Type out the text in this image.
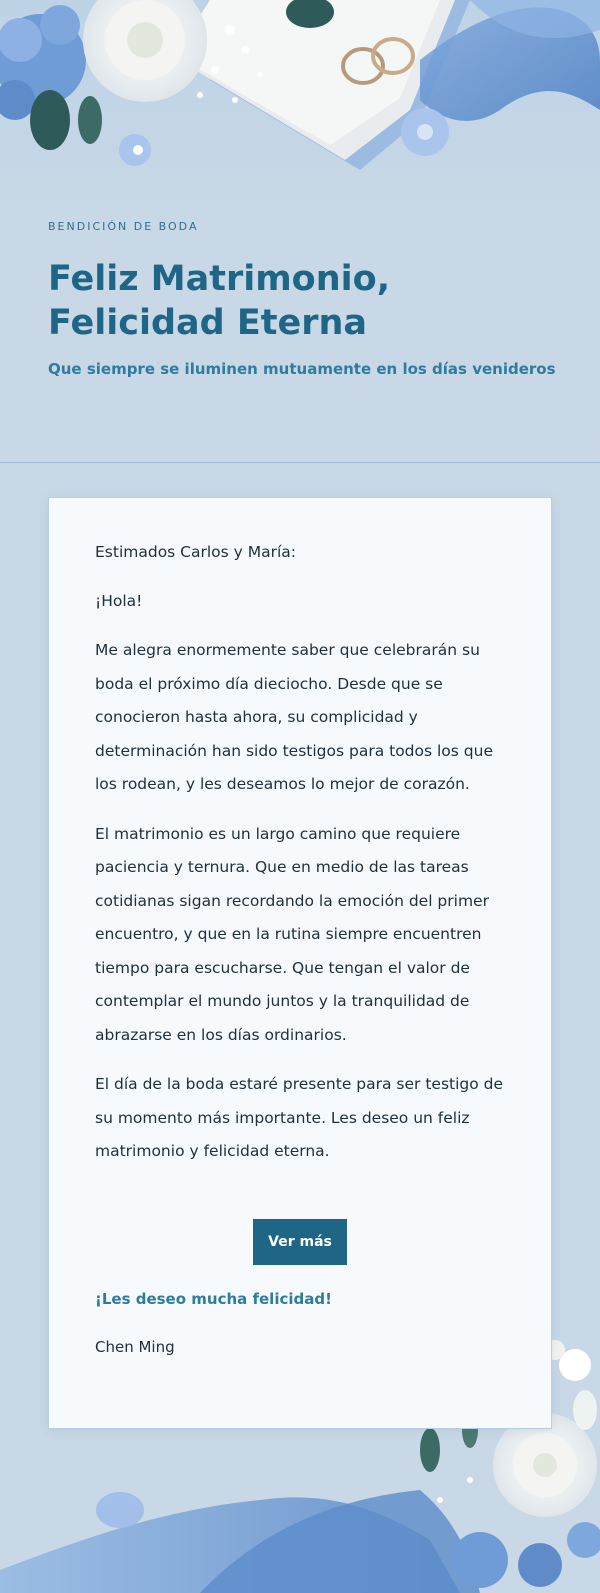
BENDICIÓN DE BODA
Feliz Matrimonio, Felicidad Eterna

Que siempre se iluminen mutuamente en los días venideros

Estimados Carlos y María:

¡Hola!

Me alegra enormemente saber que celebrarán su boda el próximo día dieciocho. Desde que se conocieron hasta ahora, su complicidad y determinación han sido testigos para todos los que los rodean, y les deseamos lo mejor de corazón.

El matrimonio es un largo camino que requiere paciencia y ternura. Que en medio de las tareas cotidianas sigan recordando la emoción del primer encuentro, y que en la rutina siempre encuentren tiempo para escucharse. Que tengan el valor de contemplar el mundo juntos y la tranquilidad de abrazarse en los días ordinarios.

El día de la boda estaré presente para ser testigo de su momento más importante. Les deseo un feliz matrimonio y felicidad eterna.

Ver más
¡Les deseo mucha felicidad!
Chen Ming
